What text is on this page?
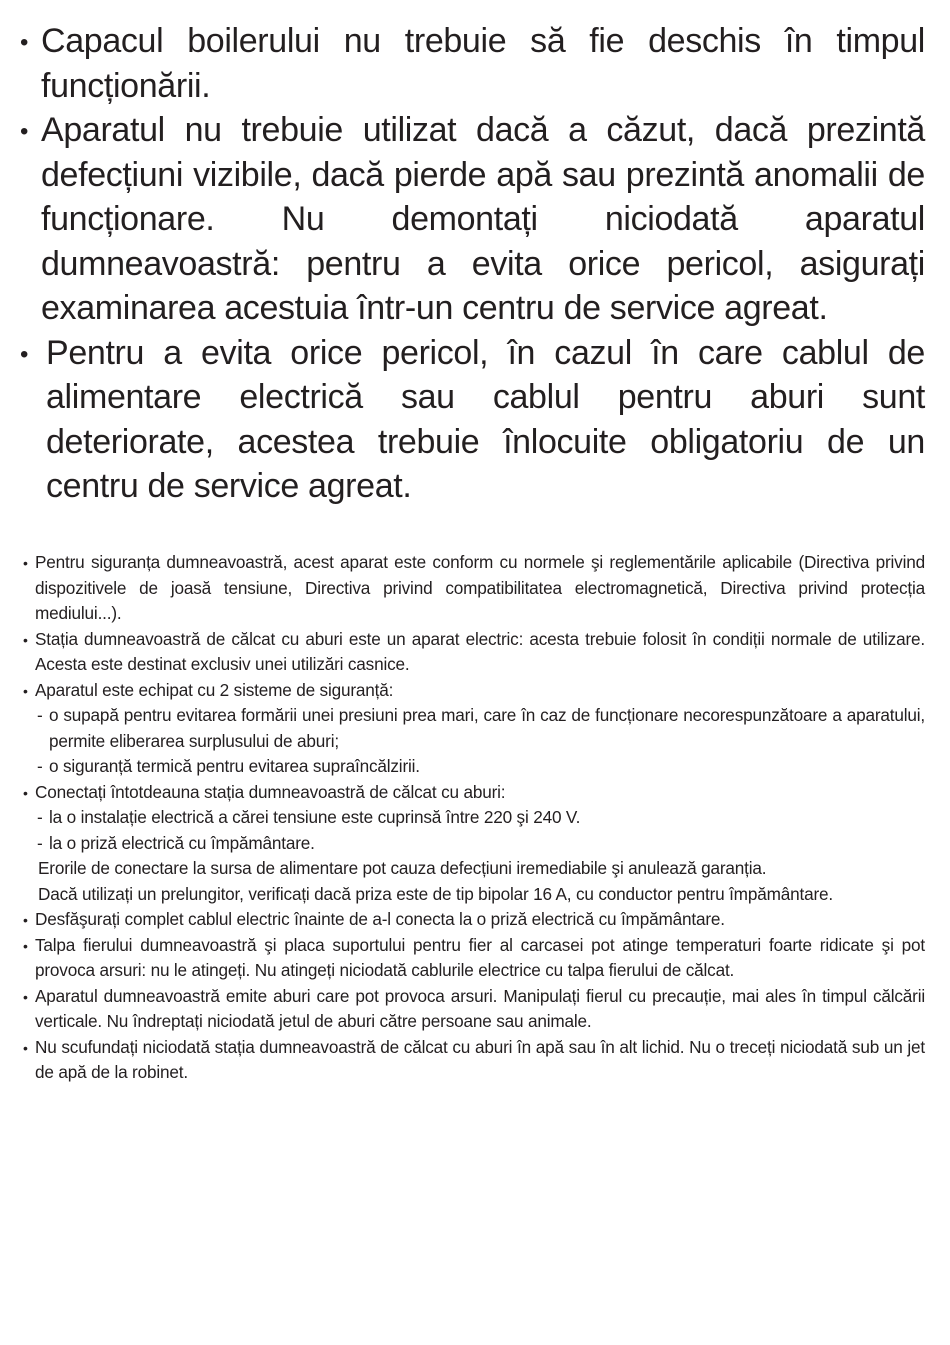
• Capacul boilerului nu trebuie să fie deschis în timpul funcționării.
• Aparatul nu trebuie utilizat dacă a căzut, dacă prezintă defecțiuni vizibile, dacă pierde apă sau prezintă anomalii de funcționare. Nu demontați niciodată aparatul dumneavoastră: pentru a evita orice pericol, asigurați examinarea acestuia într-un centru de service agreat.
• Pentru a evita orice pericol, în cazul în care cablul de alimentare electrică sau cablul pentru aburi sunt deteriorate, acestea trebuie înlocuite obligatoriu de un centru de service agreat.
• Pentru siguranța dumneavoastră, acest aparat este conform cu normele şi reglementările aplicabile (Directiva privind dispozitivele de joasă tensiune, Directiva privind compatibilitatea electromagnetică, Directiva privind protecția mediului...).
• Stația dumneavoastră de călcat cu aburi este un aparat electric: acesta trebuie folosit în condiții normale de utilizare. Acesta este destinat exclusiv unei utilizări casnice.
• Aparatul este echipat cu 2 sisteme de siguranță:
- o supapă pentru evitarea formării unei presiuni prea mari, care în caz de funcționare necorespunzătoare a aparatului, permite eliberarea surplusului de aburi;
- o siguranță termică pentru evitarea supraîncălzirii.
• Conectați întotdeauna stația dumneavoastră de călcat cu aburi:
- la o instalație electrică a cărei tensiune este cuprinsă între 220 şi 240 V.
- la o priză electrică cu împământare.
Erorile de conectare la sursa de alimentare pot cauza defecțiuni iremediabile şi anulează garanția.
Dacă utilizați un prelungitor, verificați dacă priza este de tip bipolar 16 A, cu conductor pentru împământare.
• Desfăşurați complet cablul electric înainte de a-l conecta la o priză electrică cu împământare.
• Talpa fierului dumneavoastră şi placa suportului pentru fier al carcasei pot atinge temperaturi foarte ridicate şi pot provoca arsuri: nu le atingeți. Nu atingeți niciodată cablurile electrice cu talpa fierului de călcat.
• Aparatul dumneavoastră emite aburi care pot provoca arsuri. Manipulați fierul cu precauție, mai ales în timpul călcării verticale. Nu îndreptați niciodată jetul de aburi către persoane sau animale.
• Nu scufundați niciodată stația dumneavoastră de călcat cu aburi în apă sau în alt lichid. Nu o treceți niciodată sub un jet de apă de la robinet.
